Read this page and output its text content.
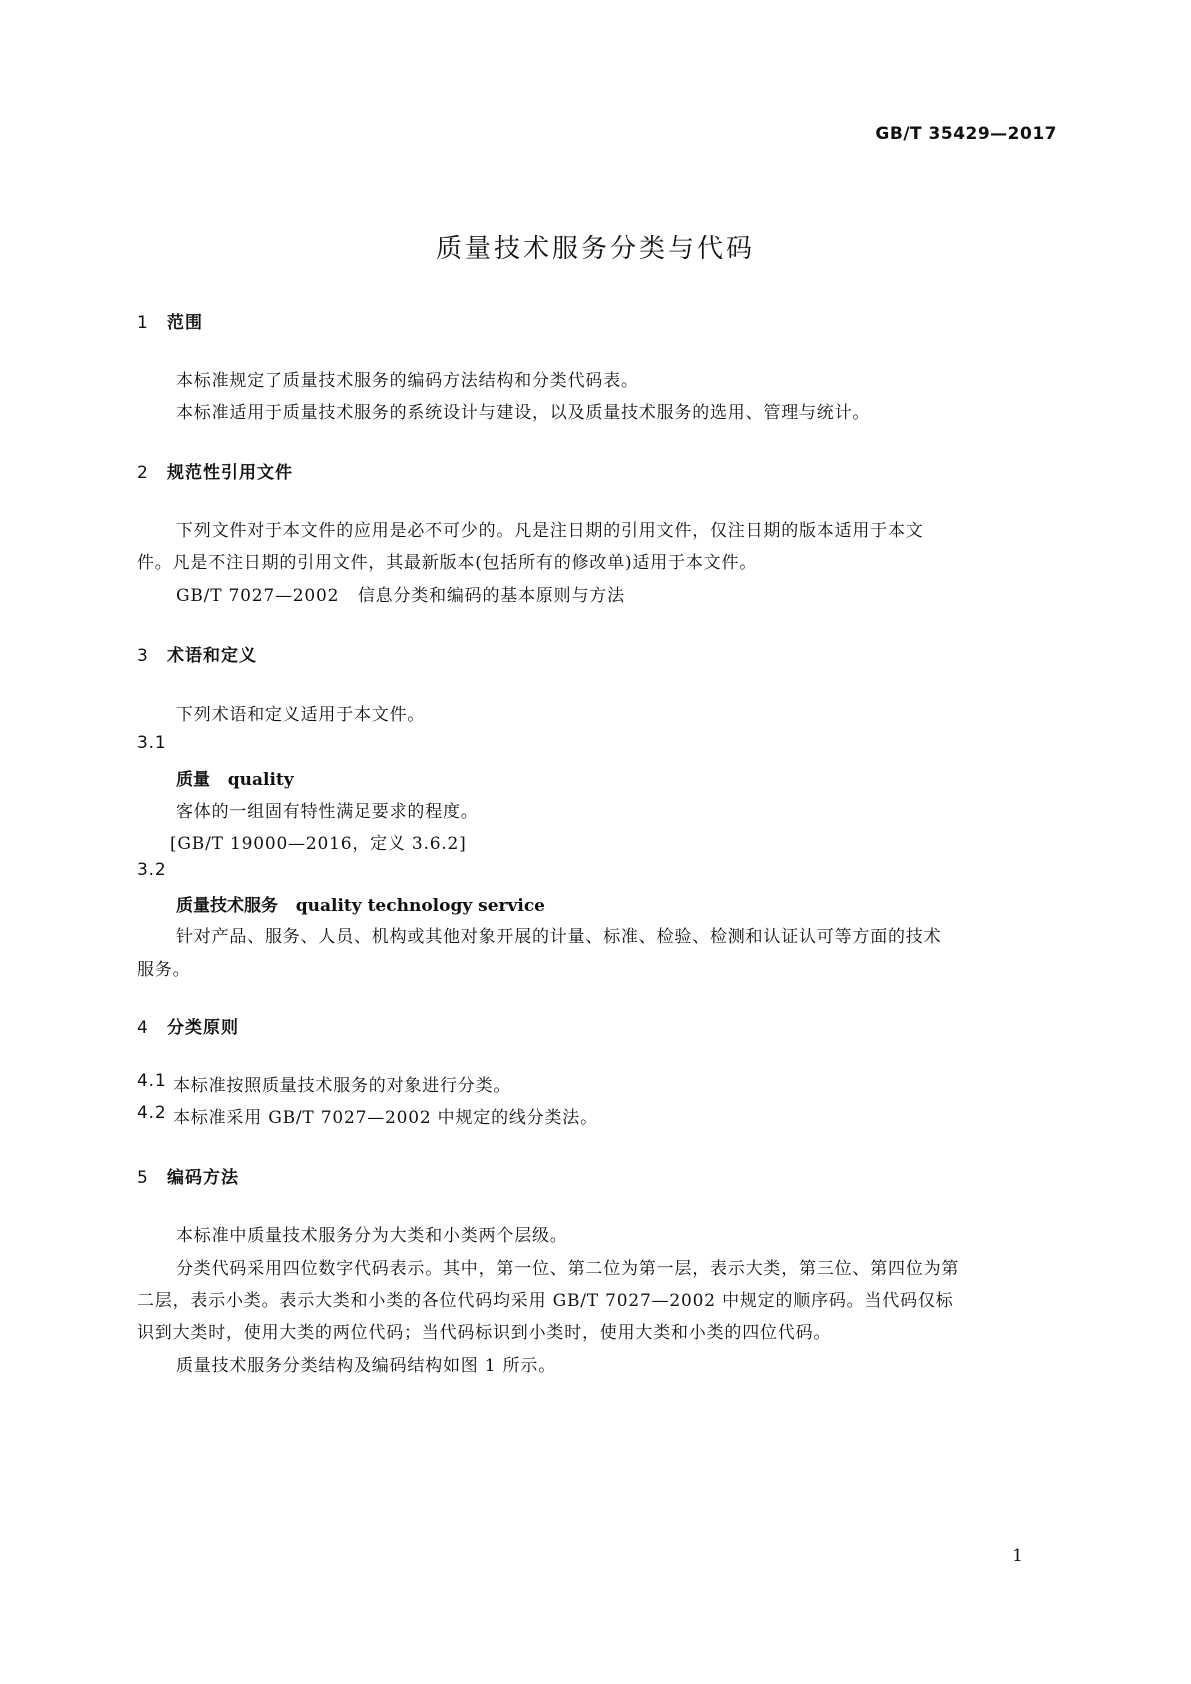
GB/T 35429—2017
质量技术服务分类与代码
1 范围
本标准规定了质量技术服务的编码方法结构和分类代码表。
本标准适用于质量技术服务的系统设计与建设，以及质量技术服务的选用、管理与统计。
2 规范性引用文件
下列文件对于本文件的应用是必不可少的。凡是注日期的引用文件，仅注日期的版本适用于本文
件。凡是不注日期的引用文件，其最新版本(包括所有的修改单)适用于本文件。
GB/T 7027—2002   信息分类和编码的基本原则与方法
3 术语和定义
下列术语和定义适用于本文件。
3.1
质量   quality
客体的一组固有特性满足要求的程度。
[GB/T 19000—2016，定义 3.6.2]
3.2
质量技术服务   quality technology service
针对产品、服务、人员、机构或其他对象开展的计量、标准、检验、检测和认证认可等方面的技术
服务。
4 分类原则
4.1 本标准按照质量技术服务的对象进行分类。
4.2 本标准采用 GB/T 7027—2002 中规定的线分类法。
5 编码方法
本标准中质量技术服务分为大类和小类两个层级。
分类代码采用四位数字代码表示。其中，第一位、第二位为第一层，表示大类，第三位、第四位为第
二层，表示小类。表示大类和小类的各位代码均采用 GB/T 7027—2002 中规定的顺序码。当代码仅标
识到大类时，使用大类的两位代码；当代码标识到小类时，使用大类和小类的四位代码。
质量技术服务分类结构及编码结构如图 1 所示。
1
